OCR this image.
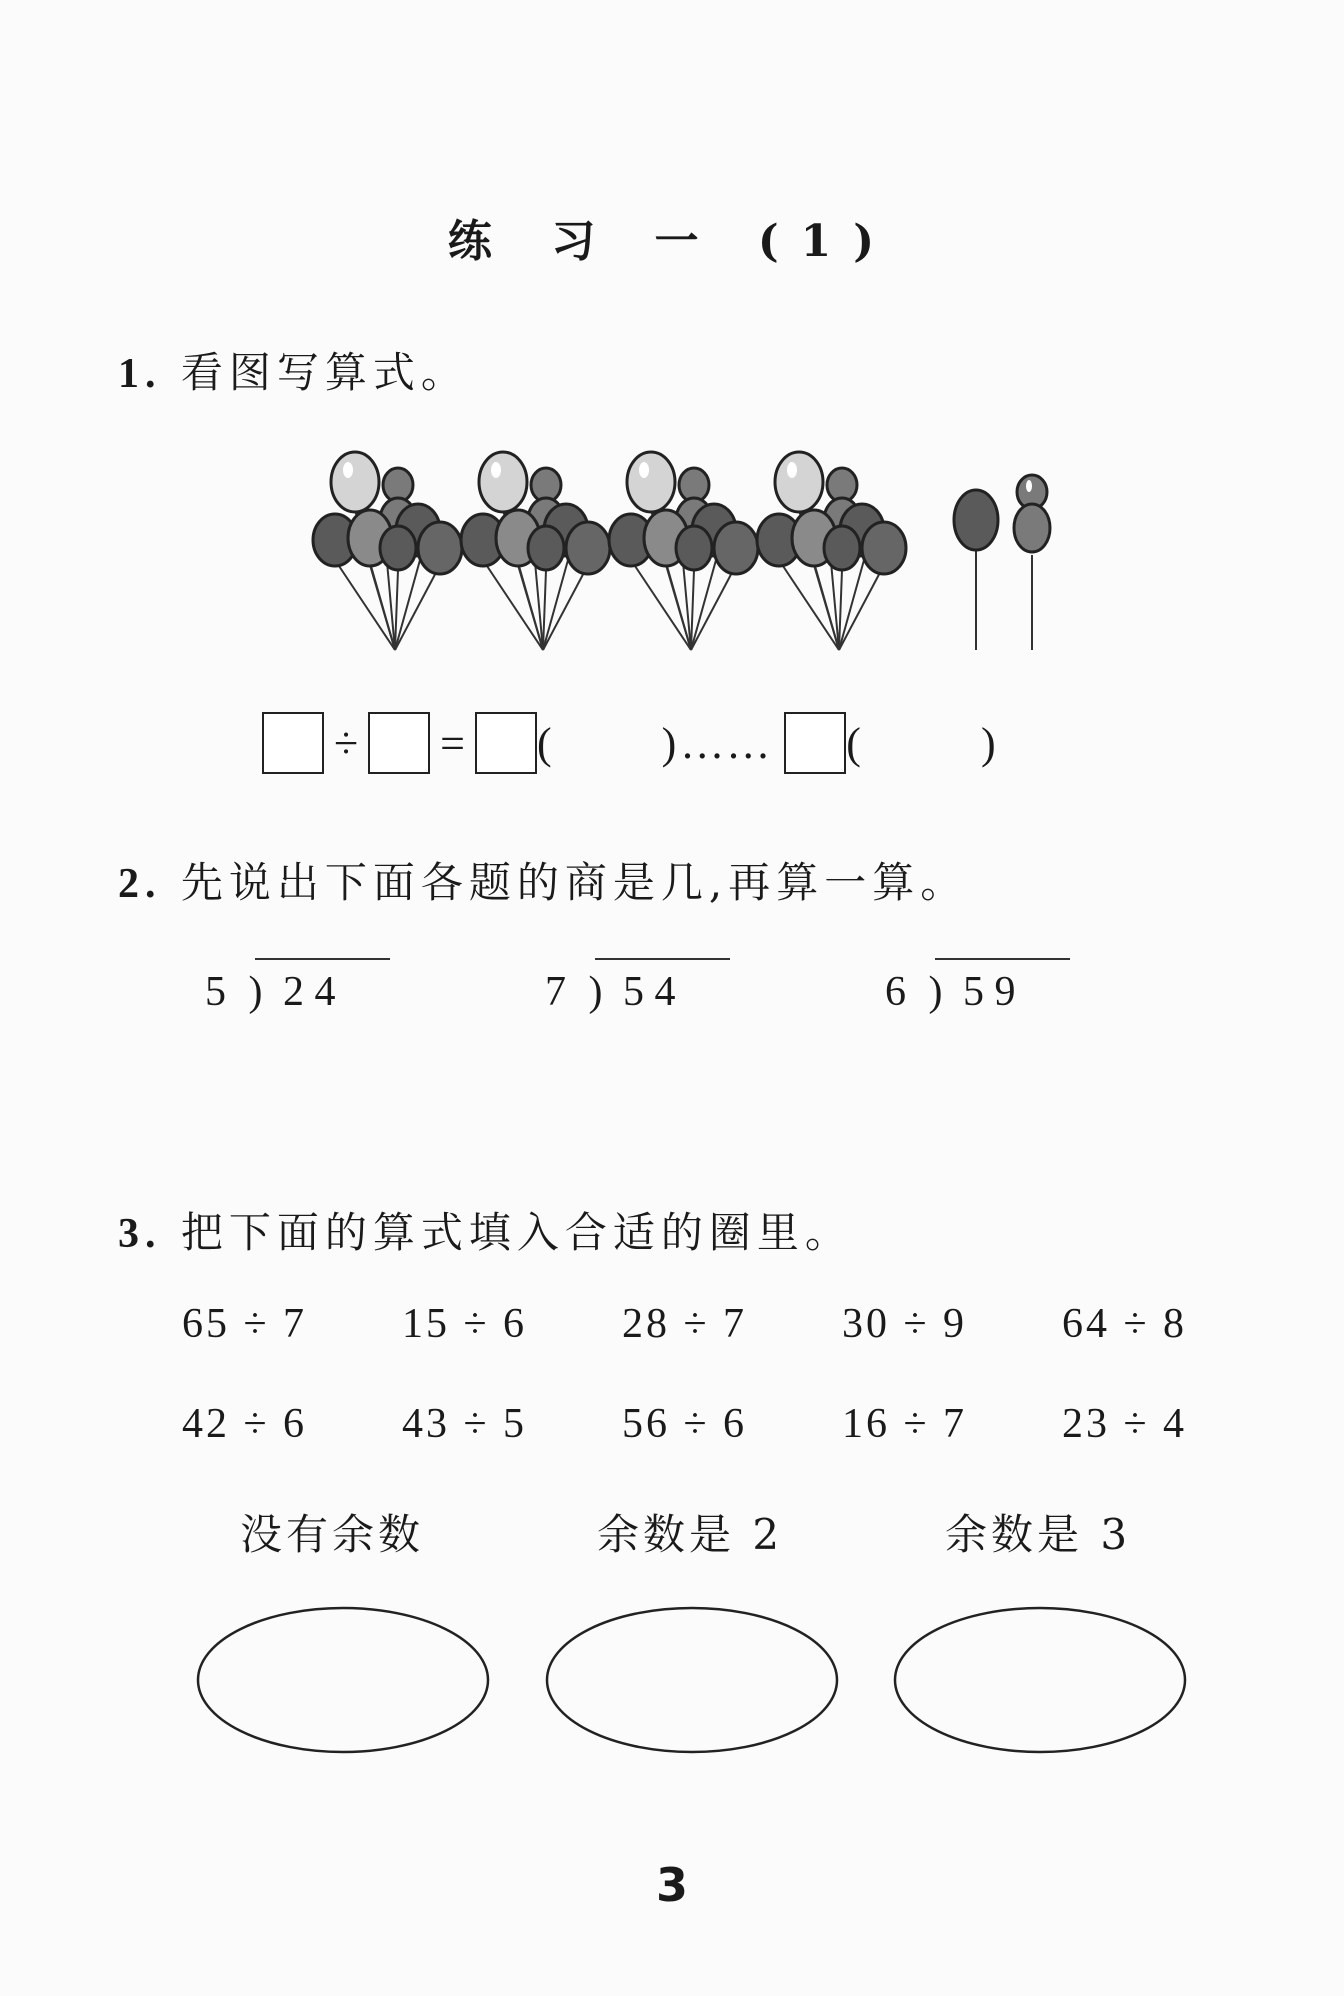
练 习 一 (1)
1. 看图写算式。
÷ = (	) …… (	)
2. 先说出下面各题的商是几,再算一算。
5 ) 2 4	7 ) 5 4	6 ) 5 9
3. 把下面的算式填入合适的圈里。
65 ÷ 7 15 ÷ 6 28 ÷ 7 30 ÷ 9 64 ÷ 8
42 ÷ 6 43 ÷ 5 56 ÷ 6 16 ÷ 7 23 ÷ 4
没有余数	余数是 2	余数是 3
3
